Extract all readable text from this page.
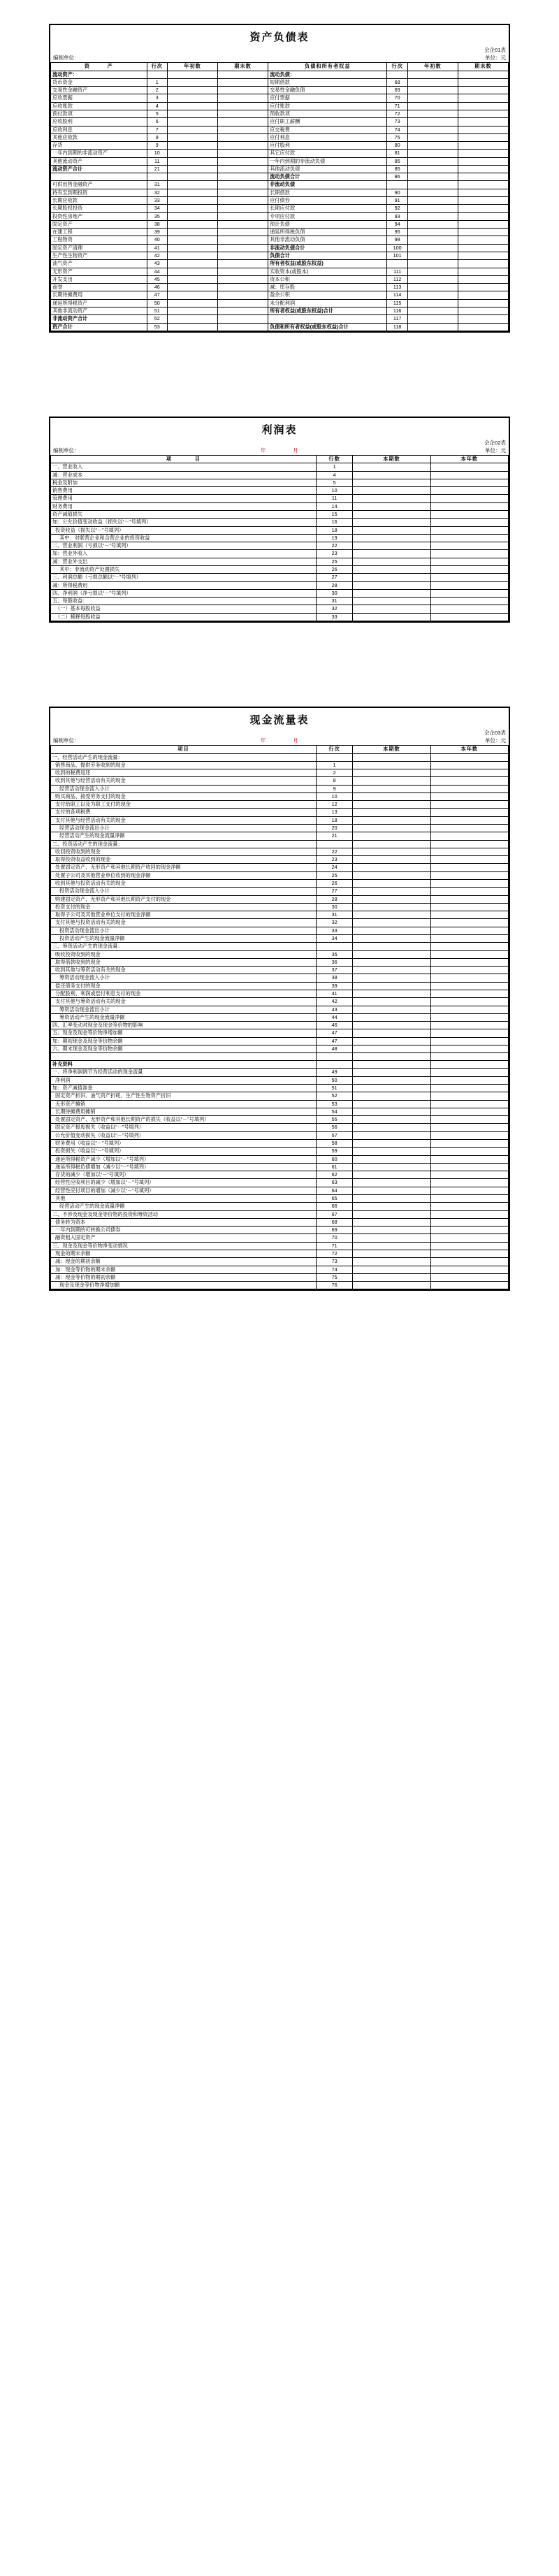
资产负债表

会企01表
编制单位：	单位：元
资　　　产	行次	年初数	期末数	负债和所有者权益	行次	年初数	期末数
流动资产：				流动负债：			
货币资金	1			短期借款	68		
交易性金融资产	2			交易性金融负债	69		
应收票据	3			应付票据	70		
应收账款	4			应付账款	71		
预付款项	5			预收款项	72		
应收股利	6			应付职工薪酬	73		
应收利息	7			应交税费	74		
其他应收款	8			应付利息	75		
存货	9			应付股利	80		
一年内到期的非流动资产	10			其它应付款	81		
其他流动资产	11			一年内到期的非流动负债	85		
流动资产合计	21			其他流动负债	85		
				流动负债合计	86		
可供出售金融资产	31			非流动负债			
持有至到期投资	32			长期借款	90		
长期应收款	33			应付债券	91		
长期股权投资	34			长期应付款	92		
投资性房地产	35			专项应付款	93		
固定资产	38			预计负债	94		
在建工程	39			递延所得税负债	95		
工程物资	40			其他非流动负债	98		
固定资产清理	41			非流动负债合计	100		
生产性生物资产	42			负债合计	101		
油气资产	43			所有者权益(或股东权益)			
无形资产	44			实收资本(或股本)	111		
开发支出	45			资本公积	112		
商誉	46			减：库存股	113		
长期待摊费用	47			盈余公积	114		
递延所得税资产	50			未分配利润	115		
其他非流动资产	51			所有者权益(或股东权益)合计	116		
非流动资产合计	52				117		
资产合计	53			负债和所有者权益(或股东权益)合计	118		
利润表

会企02表
编制单位：	年　　月	单位：元
项　　　　目	行数	本期数	本年数
一、营业收入	1		
减：营业成本	4		
税金及附加	5		
销售费用	10		
管理费用	11		
财务费用	14		
资产减值损失	15		
加：公允价值变动收益（损失以“－”号填列）	16		
投资收益（损失以“－”号填列）	18		
其中：对联营企业和合营企业的投资收益	19		
二、营业利润（亏损以“－”号填列）	22		
加：营业外收入	23		
减：营业外支出	25		
其中：非流动资产处置损失	26		
三、利润总额（亏损总额以“－”号填列）	27		
减：所得税费用	28		
四、净利润（净亏损以“－”号填列）	30		
五、每股收益：	31		
（一）基本每股收益	32		
（二）稀释每股收益	33		
现金流量表

会企03表
编制单位：	年　　月	单位：元
项目	行次	本期数	本年数
一、经营活动产生的现金流量：			
销售商品、提供劳务收到的现金	1		
收到的税费返还	2		
收到其他与经营活动有关的现金	8		
经营活动现金流入小计	9		
购买商品、接受劳务支付的现金	10		
支付给职工以及为职工支付的现金	12		
支付的各项税费	13		
支付其他与经营活动有关的现金	18		
经营活动现金流出小计	20		
经营活动产生的现金流量净额	21		
二、投资活动产生的现金流量：			
收回投资收到的现金	22		
取得投资收益收到的现金	23		
处置固定资产、无形资产和其他长期资产收回的现金净额	24		
处置子公司及其他营业单位收到的现金净额	25		
收到其他与投资活动有关的现金	26		
投资活动现金流入小计	27		
购建固定资产、无形资产和其他长期资产支付的现金	28		
投资支付的现金	30		
取得子公司及其他营业单位支付的现金净额	31		
支付其他与投资活动有关的现金	32		
投资活动现金流出小计	33		
投资活动产生的现金流量净额	34		
三、筹资活动产生的现金流量：			
吸收投资收到的现金	35		
取得借款收到的现金	36		
收到其他与筹资活动有关的现金	37		
筹资活动现金流入小计	38		
偿还债务支付的现金	39		
分配股利、利润或偿付利息支付的现金	41		
支付其他与筹资活动有关的现金	42		
筹资活动现金流出小计	43		
筹资活动产生的现金流量净额	44		
四、汇率变动对现金及现金等价物的影响	46		
五、现金及现金等价物净增加额	47		
加：期初现金及现金等价物余额	47		
六、期末现金及现金等价物余额	48		

补充资料			
一、将净利润调节为经营活动的现金流量	49		
净利润	50		
加：资产减值准备	51		
固定资产折旧、油气资产折耗、生产性生物资产折旧	52		
无形资产摊销	53		
长期待摊费用摊销	54		
处置固定资产、无形资产和其他长期资产的损失（收益以“－”号填列）	55		
固定资产报废损失（收益以“－”号填列）	56		
公允价值变动损失（收益以“－”号填列）	57		
财务费用（收益以“－”号填列）	58		
投资损失（收益以“－”号填列）	59		
递延所得税资产减少（增加以“－”号填列）	60		
递延所得税负债增加（减少以“－”号填列）	61		
存货的减少（增加以“－”号填列）	62		
经营性应收项目的减少（增加以“－”号填列）	63		
经营性应付项目的增加（减少以“－”号填列）	64		
其他	65		
经营活动产生的现金流量净额	66		
二、不涉及现金及现金等价物的投资和筹资活动	67		
债务转为资本	68		
一年内到期的可转换公司债券	69		
融资租入固定资产	70		
三、现金及现金等价物净变动情况	71		
现金的期末余额	72		
减：现金的期初余额	73		
加：现金等价物的期末余额	74		
减：现金等价物的期初余额	75		
现金及现金等价物净增加额	76		
